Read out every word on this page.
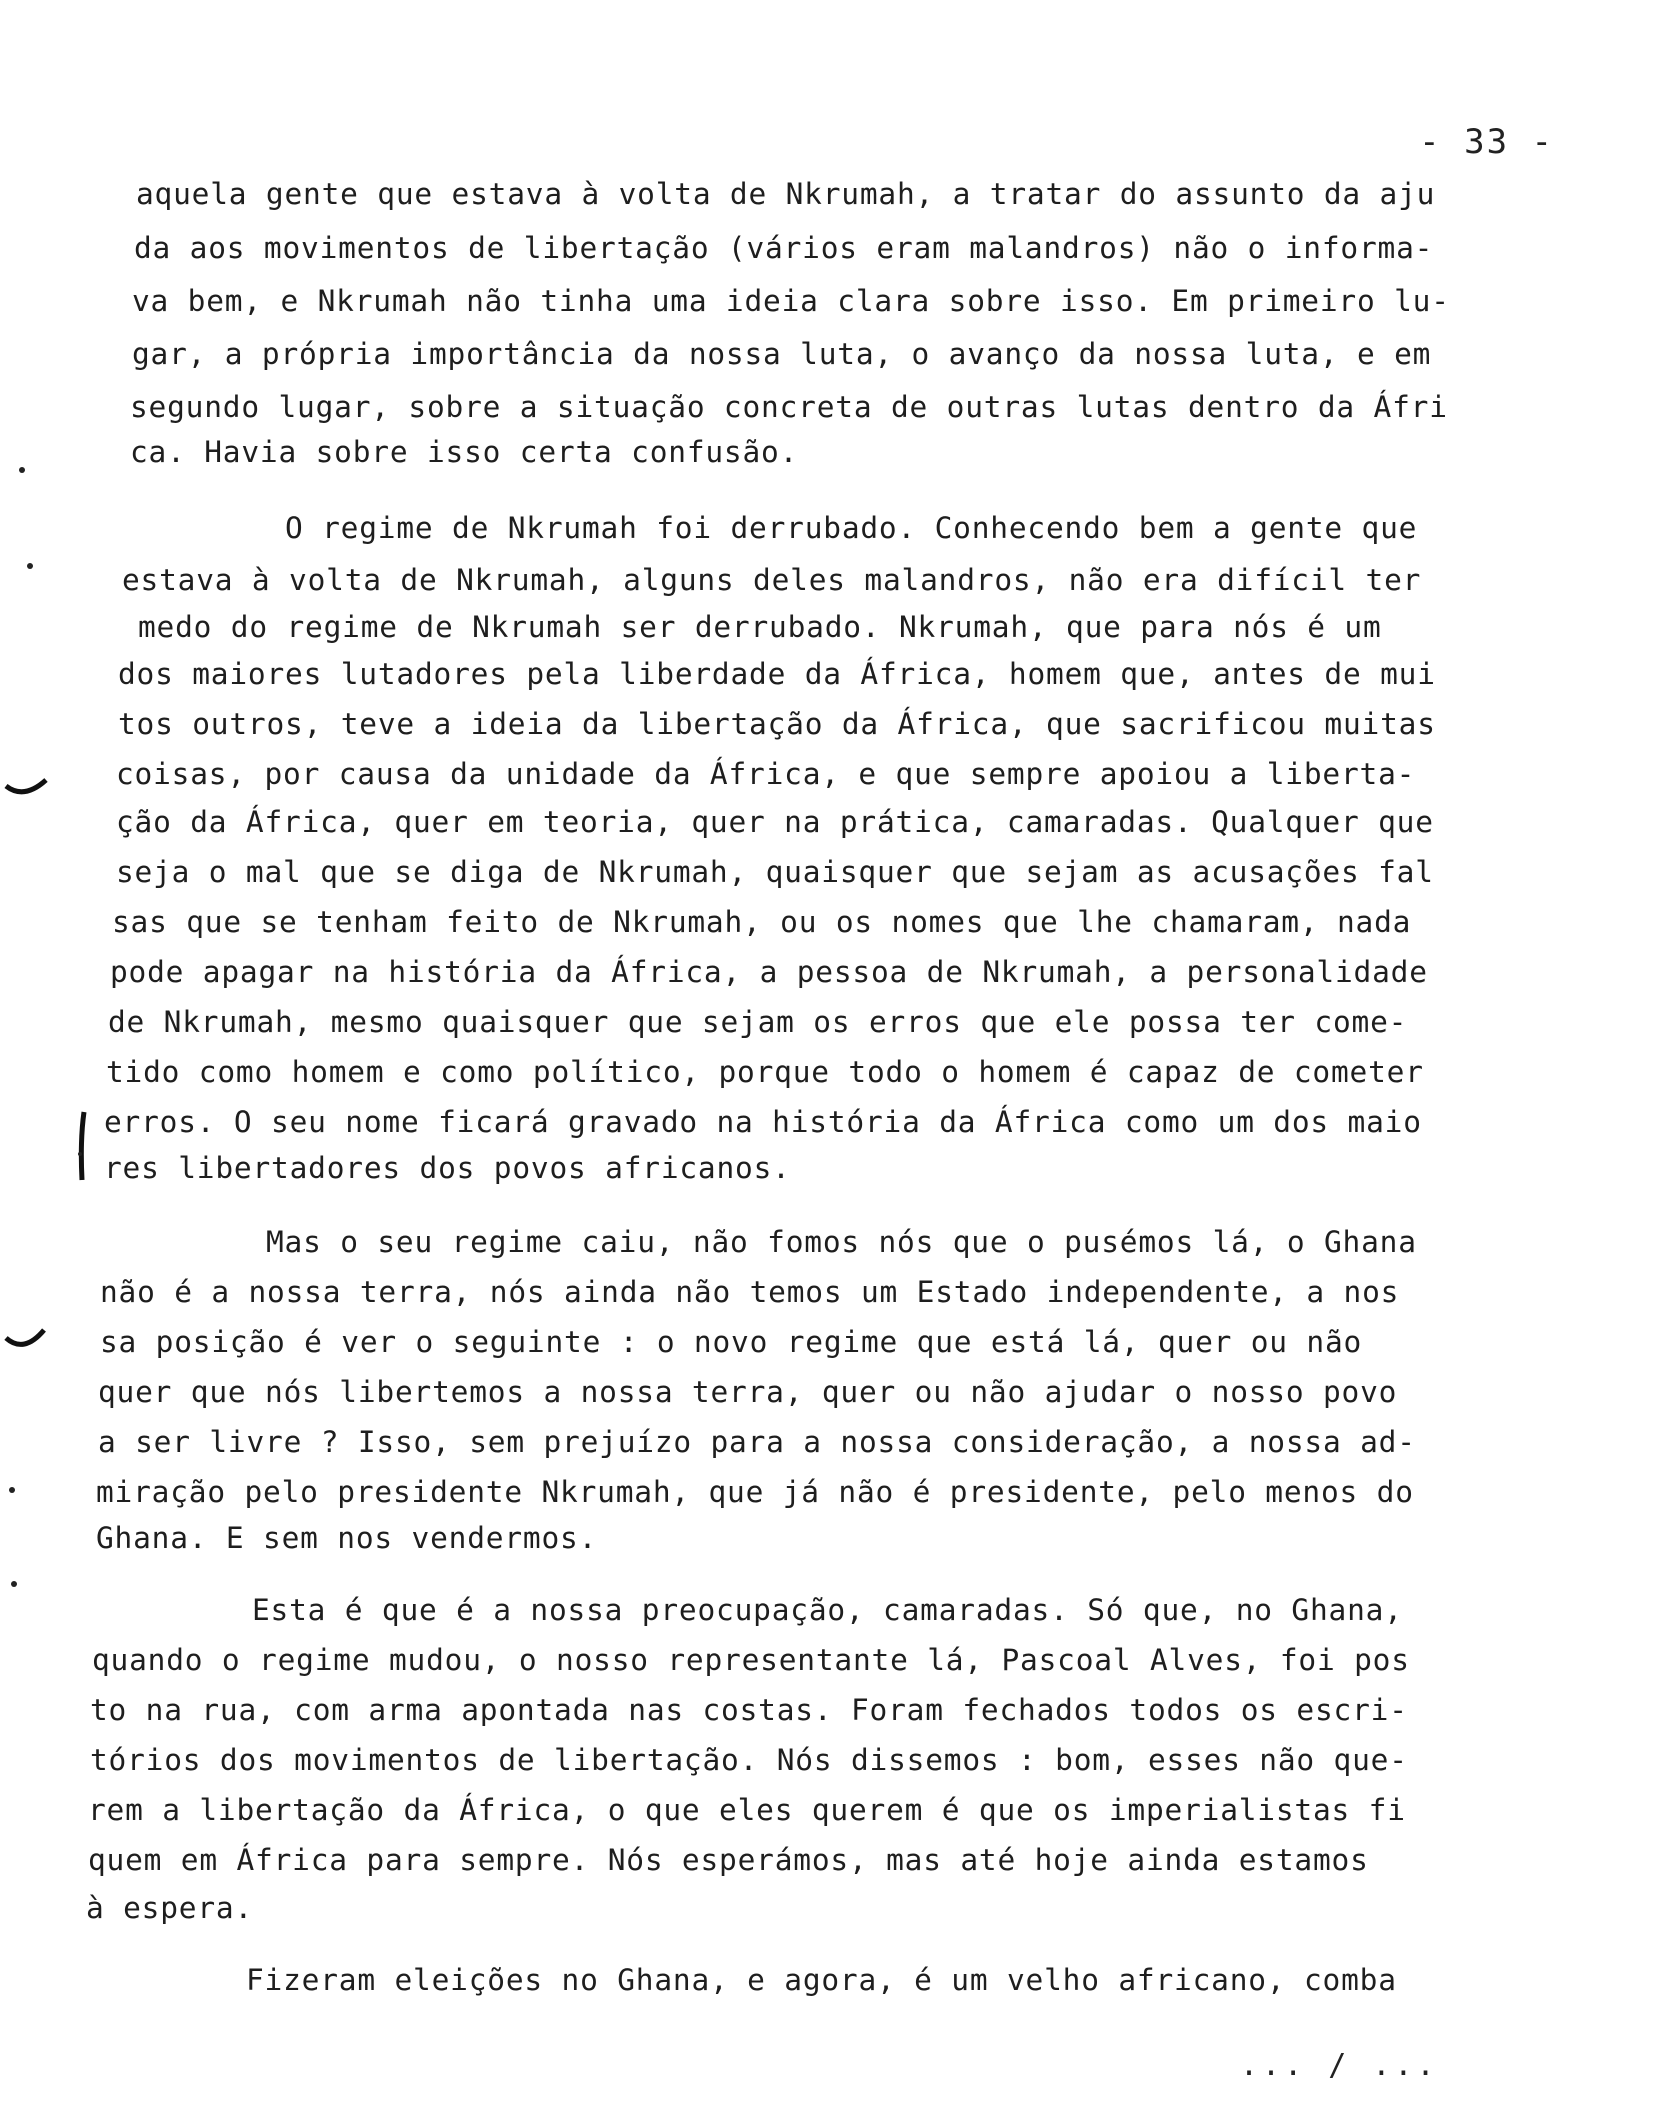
- 33 -
aquela gente que estava à volta de Nkrumah, a tratar do assunto da aju
da aos movimentos de libertação (vários eram malandros) não o informa-
va bem, e Nkrumah não tinha uma ideia clara sobre isso. Em primeiro lu-
gar, a própria importância da nossa luta, o avanço da nossa luta, e em
segundo lugar, sobre a situação concreta de outras lutas dentro da Áfri
ca. Havia sobre isso certa confusão.
O regime de Nkrumah foi derrubado. Conhecendo bem a gente que
estava à volta de Nkrumah, alguns deles malandros, não era difícil ter
medo do regime de Nkrumah ser derrubado. Nkrumah, que para nós é um
dos maiores lutadores pela liberdade da África, homem que, antes de mui
tos outros, teve a ideia da libertação da África, que sacrificou muitas
coisas, por causa da unidade da África, e que sempre apoiou a liberta-
ção da África, quer em teoria, quer na prática, camaradas. Qualquer que
seja o mal que se diga de Nkrumah, quaisquer que sejam as acusações fal
sas que se tenham feito de Nkrumah, ou os nomes que lhe chamaram, nada
pode apagar na história da África, a pessoa de Nkrumah, a personalidade
de Nkrumah, mesmo quaisquer que sejam os erros que ele possa ter come-
tido como homem e como político, porque todo o homem é capaz de cometer
erros. O seu nome ficará gravado na história da África como um dos maio
res libertadores dos povos africanos.
Mas o seu regime caiu, não fomos nós que o pusémos lá, o Ghana
não é a nossa terra, nós ainda não temos um Estado independente, a nos
sa posição é ver o seguinte : o novo regime que está lá, quer ou não
quer que nós libertemos a nossa terra, quer ou não ajudar o nosso povo
a ser livre ? Isso, sem prejuízo para a nossa consideração, a nossa ad-
miração pelo presidente Nkrumah, que já não é presidente, pelo menos do
Ghana. E sem nos vendermos.
Esta é que é a nossa preocupação, camaradas. Só que, no Ghana,
quando o regime mudou, o nosso representante lá, Pascoal Alves, foi pos
to na rua, com arma apontada nas costas. Foram fechados todos os escri-
tórios dos movimentos de libertação. Nós dissemos : bom, esses não que-
rem a libertação da África, o que eles querem é que os imperialistas fi
quem em África para sempre. Nós esperámos, mas até hoje ainda estamos
à espera.
Fizeram eleições no Ghana, e agora, é um velho africano, comba
... / ...
